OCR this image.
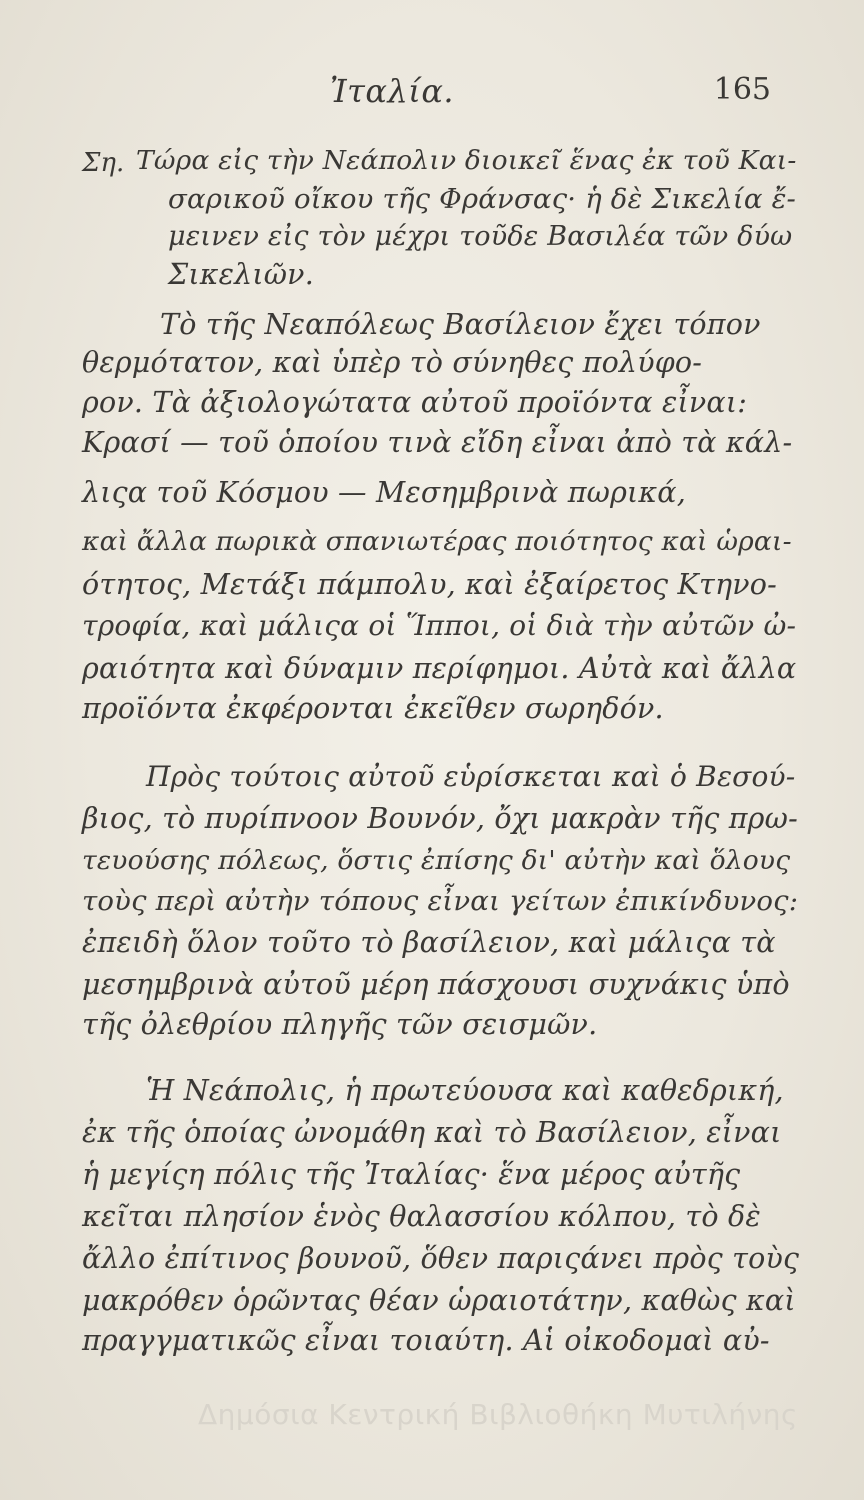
Ἰταλία.	165
Ση. Τώρα εἰς τὴν Νεάπολιν διοικεῖ ἕνας ἐκ τοῦ Και-
σαρικοῦ οἴκου τῆς Φράνσας· ἡ δὲ Σικελία ἔ-
μεινεν εἰς τὸν μέχρι τοῦδε Βασιλέα τῶν δύω
Σικελιῶν.
Τὸ τῆς Νεαπόλεως Βασίλειον ἔχει τόπον
θερμότατον, καὶ ὑπὲρ τὸ σύνηθες πολύφο-
ρον. Τὰ ἀξιολογώτατα αὐτοῦ προϊόντα εἶναι:
Κρασί — τοῦ ὁποίου τινὰ εἴδη εἶναι ἀπὸ τὰ κάλ-
λιςα τοῦ Κόσμου — Μεσημβρινὰ πωρικά,
καὶ ἄλλα πωρικὰ σπανιωτέρας ποιότητος καὶ ὡραι-
ότητος, Μετάξι πάμπολυ, καὶ ἐξαίρετος Κτηνο-
τροφία, καὶ μάλιςα οἱ Ἵπποι, οἱ διὰ τὴν αὐτῶν ὠ-
ραιότητα καὶ δύναμιν περίφημοι. Αὐτὰ καὶ ἄλλα
προϊόντα ἐκφέρονται ἐκεῖθεν σωρηδόν.
Πρὸς τούτοις αὐτοῦ εὑρίσκεται καὶ ὁ Βεσού-
βιος, τὸ πυρίπνοον Βουνόν, ὄχι μακρὰν τῆς πρω-
τευούσης πόλεως, ὅστις ἐπίσης δι' αὐτὴν καὶ ὅλους
τοὺς περὶ αὐτὴν τόπους εἶναι γείτων ἐπικίνδυνος:
ἐπειδὴ ὅλον τοῦτο τὸ βασίλειον, καὶ μάλιςα τὰ
μεσημβρινὰ αὐτοῦ μέρη πάσχουσι συχνάκις ὑπὸ
τῆς ὀλεθρίου πληγῆς τῶν σεισμῶν.
Ἡ Νεάπολις, ἡ πρωτεύουσα καὶ καθεδρική,
ἐκ τῆς ὁποίας ὠνομάθη καὶ τὸ Βασίλειον, εἶναι
ἡ μεγίςη πόλις τῆς Ἰταλίας· ἕνα μέρος αὐτῆς
κεῖται πλησίον ἑνὸς θαλασσίου κόλπου, τὸ δὲ
ἄλλο ἐπίτινος βουνοῦ, ὅθεν παριςάνει πρὸς τοὺς
μακρόθεν ὁρῶντας θέαν ὡραιοτάτην, καθὼς καὶ
πραγγματικῶς εἶναι τοιαύτη. Αἱ οἰκοδομαὶ αὐ-
Δημόσια Κεντρική Βιβλιοθήκη Μυτιλήνης
